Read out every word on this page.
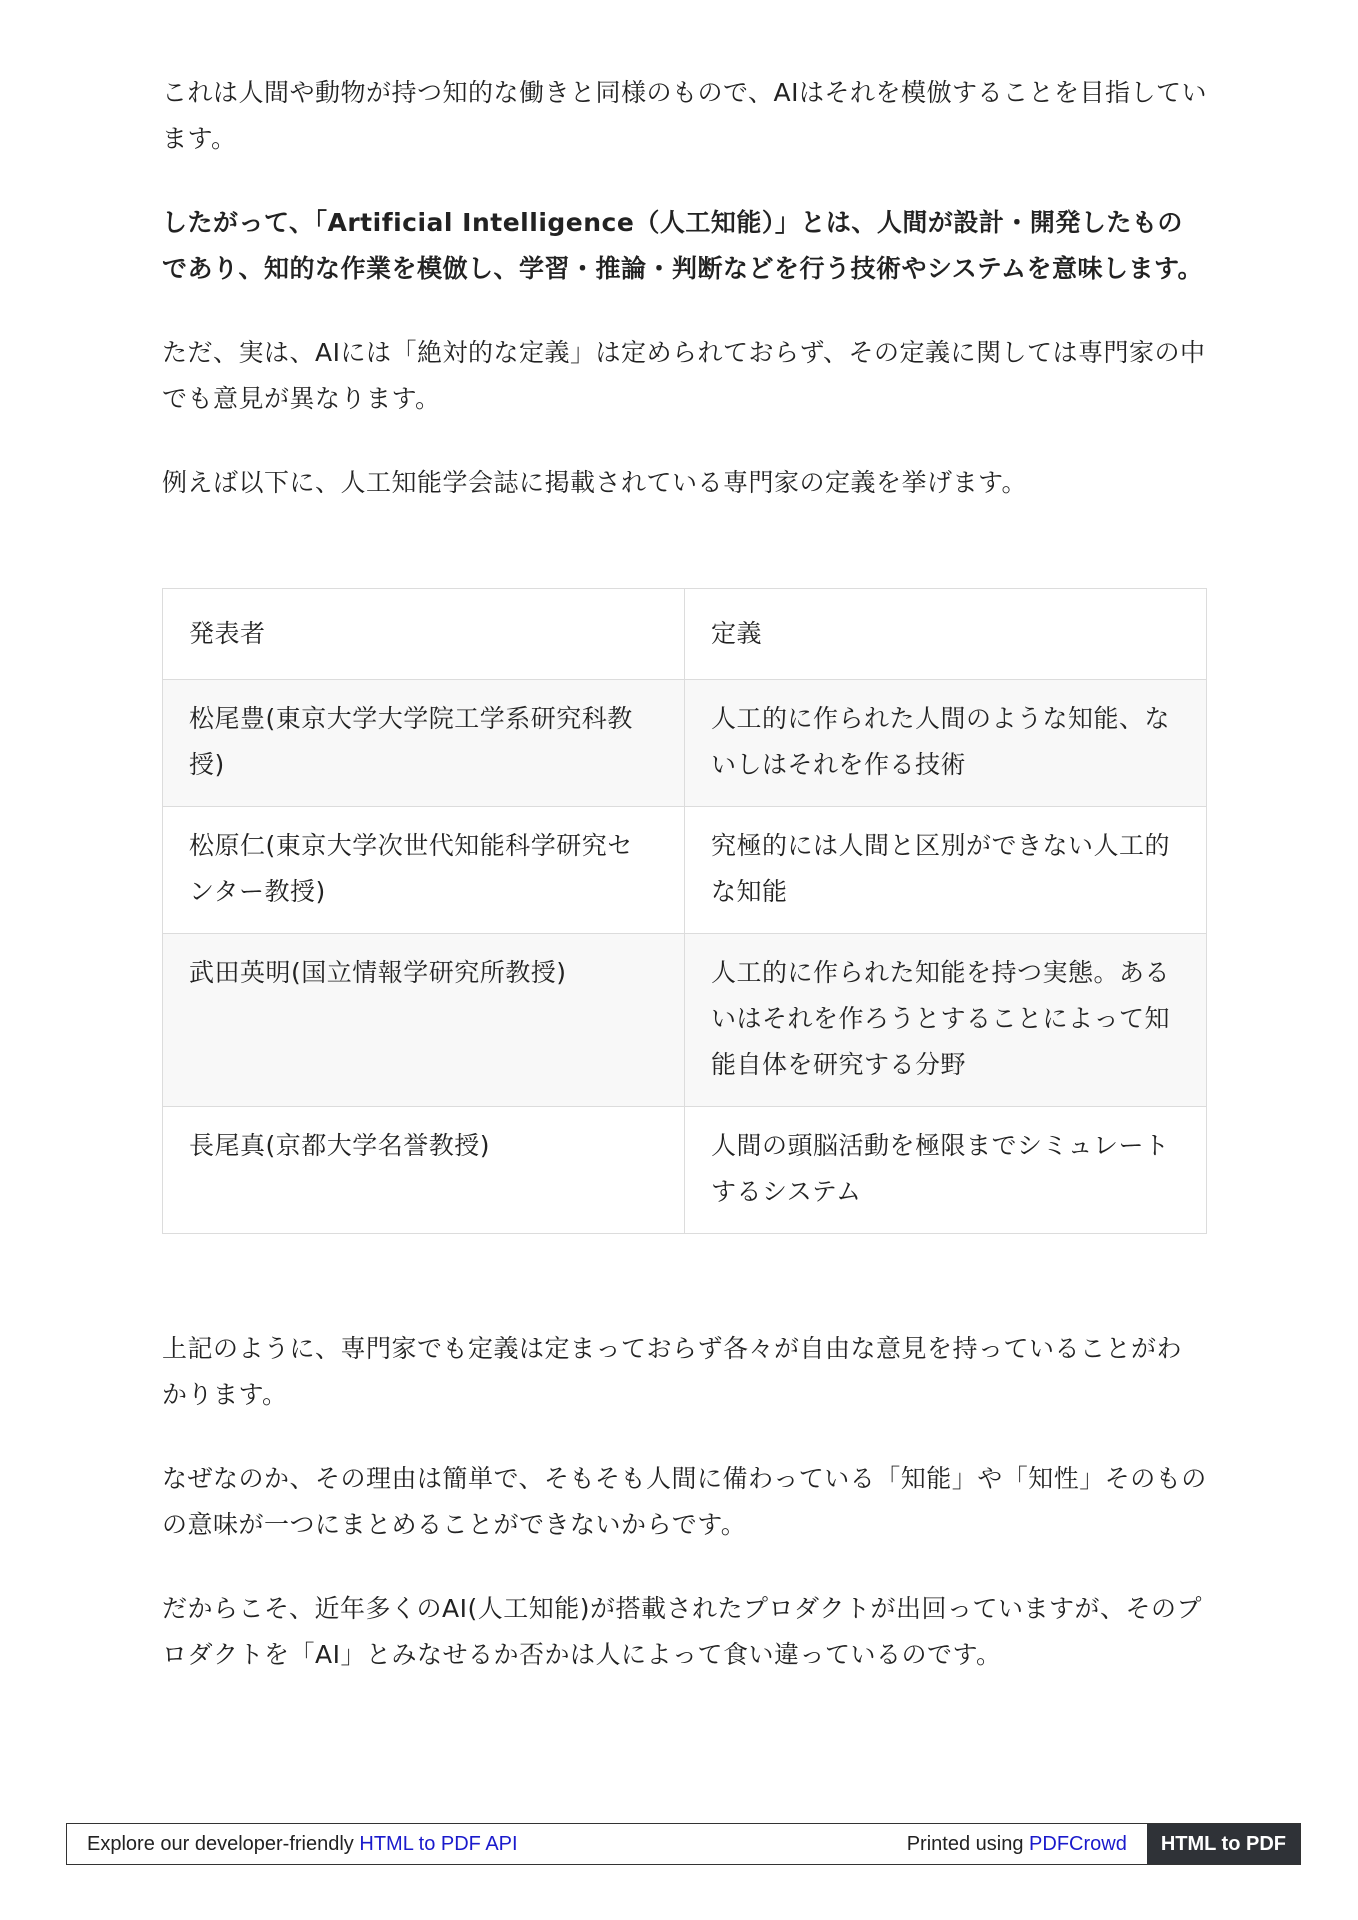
これは人間や動物が持つ知的な働きと同様のもので、AIはそれを模倣することを目指しています。

したがって、「Artificial Intelligence（人工知能）」とは、人間が設計・開発したものであり、知的な作業を模倣し、学習・推論・判断などを行う技術やシステムを意味します。

ただ、実は、AIには「絶対的な定義」は定められておらず、その定義に関しては専門家の中でも意見が異なります。

例えば以下に、人工知能学会誌に掲載されている専門家の定義を挙げます。

発表者	定義
松尾豊(東京大学大学院工学系研究科教授)	人工的に作られた人間のような知能、ないしはそれを作る技術
松原仁(東京大学次世代知能科学研究センター教授)	究極的には人間と区別ができない人工的な知能
武田英明(国立情報学研究所教授)	人工的に作られた知能を持つ実態。あるいはそれを作ろうとすることによって知能自体を研究する分野
長尾真(京都大学名誉教授)	人間の頭脳活動を極限までシミュレートするシステム

上記のように、専門家でも定義は定まっておらず各々が自由な意見を持っていることがわかります。

なぜなのか、その理由は簡単で、そもそも人間に備わっている「知能」や「知性」そのものの意味が一つにまとめることができないからです。

だからこそ、近年多くのAI(人工知能)が搭載されたプロダクトが出回っていますが、そのプロダクトを「AI」とみなせるか否かは人によって食い違っているのです。

Explore our developer-friendly
HTML to PDF API	Printed using
PDFCrowd	HTML to PDF
